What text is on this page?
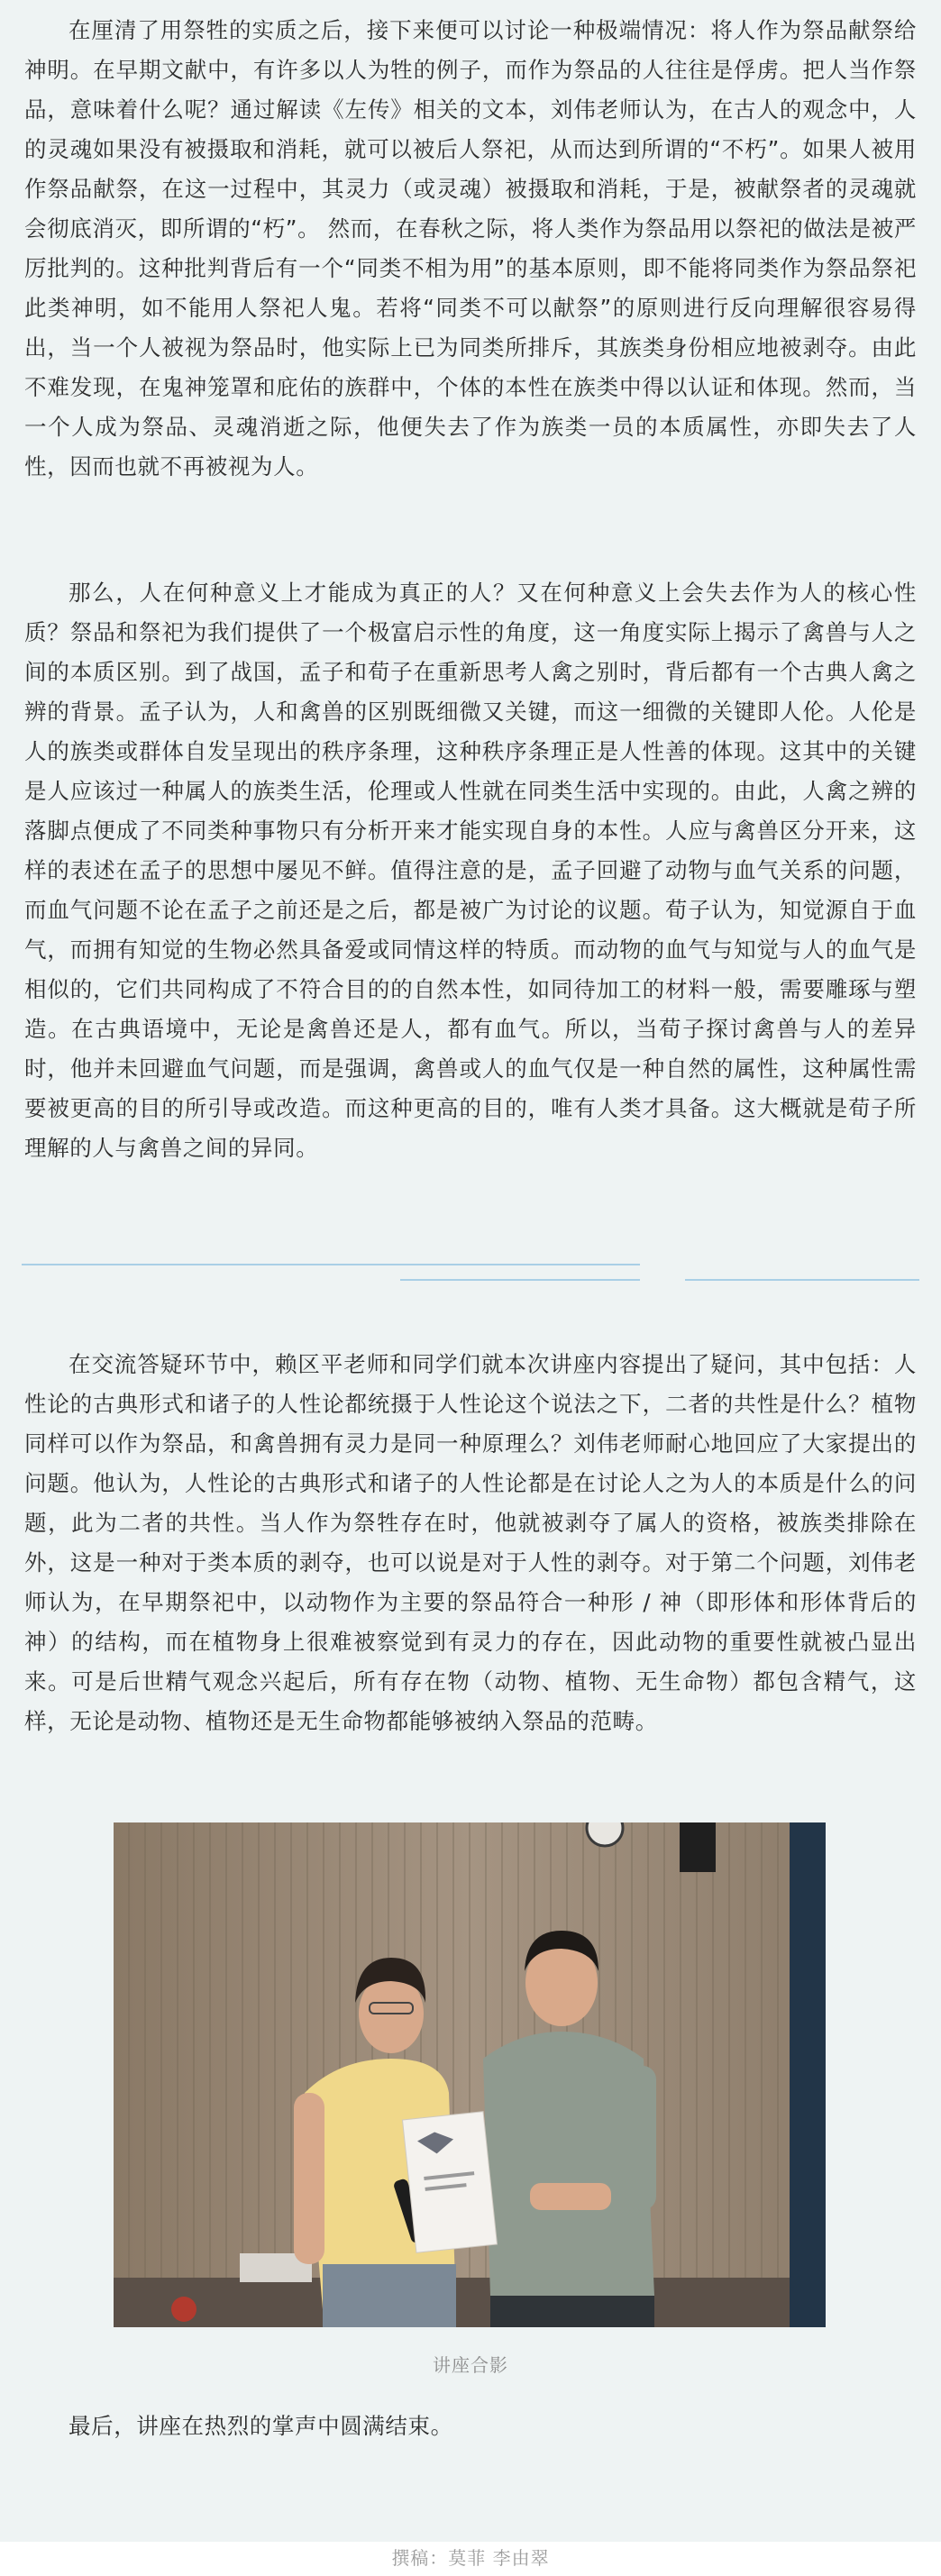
在厘清了用祭牲的实质之后，接下来便可以讨论一种极端情况：将人作为祭品献祭给神明。在早期文献中，有许多以人为牲的例子，而作为祭品的人往往是俘虏。把人当作祭品，意味着什么呢？通过解读《左传》相关的文本，刘伟老师认为，在古人的观念中，人的灵魂如果没有被摄取和消耗，就可以被后人祭祀，从而达到所谓的“不朽”。如果人被用作祭品献祭，在这一过程中，其灵力（或灵魂）被摄取和消耗，于是，被献祭者的灵魂就会彻底消灭，即所谓的“朽”。 然而，在春秋之际，将人类作为祭品用以祭祀的做法是被严厉批判的。这种批判背后有一个“同类不相为用”的基本原则，即不能将同类作为祭品祭祀此类神明，如不能用人祭祀人鬼。若将“同类不可以献祭”的原则进行反向理解很容易得出，当一个人被视为祭品时，他实际上已为同类所排斥，其族类身份相应地被剥夺。由此不难发现，在鬼神笼罩和庇佑的族群中，个体的本性在族类中得以认证和体现。然而，当一个人成为祭品、灵魂消逝之际，他便失去了作为族类一员的本质属性，亦即失去了人性，因而也就不再被视为人。

那么，人在何种意义上才能成为真正的人？又在何种意义上会失去作为人的核心性质？祭品和祭祀为我们提供了一个极富启示性的角度，这一角度实际上揭示了禽兽与人之间的本质区别。到了战国，孟子和荀子在重新思考人禽之别时，背后都有一个古典人禽之辨的背景。孟子认为，人和禽兽的区别既细微又关键，而这一细微的关键即人伦。人伦是人的族类或群体自发呈现出的秩序条理，这种秩序条理正是人性善的体现。这其中的关键是人应该过一种属人的族类生活，伦理或人性就在同类生活中实现的。由此，人禽之辨的落脚点便成了不同类种事物只有分析开来才能实现自身的本性。人应与禽兽区分开来，这样的表述在孟子的思想中屡见不鲜。值得注意的是，孟子回避了动物与血气关系的问题，而血气问题不论在孟子之前还是之后，都是被广为讨论的议题。荀子认为，知觉源自于血气，而拥有知觉的生物必然具备爱或同情这样的特质。而动物的血气与知觉与人的血气是相似的，它们共同构成了不符合目的的自然本性，如同待加工的材料一般，需要雕琢与塑造。在古典语境中，无论是禽兽还是人，都有血气。所以，当荀子探讨禽兽与人的差异时，他并未回避血气问题，而是强调，禽兽或人的血气仅是一种自然的属性，这种属性需要被更高的目的所引导或改造。而这种更高的目的，唯有人类才具备。这大概就是荀子所理解的人与禽兽之间的异同。

在交流答疑环节中，赖区平老师和同学们就本次讲座内容提出了疑问，其中包括：人性论的古典形式和诸子的人性论都统摄于人性论这个说法之下，二者的共性是什么？植物同样可以作为祭品，和禽兽拥有灵力是同一种原理么？刘伟老师耐心地回应了大家提出的问题。他认为，人性论的古典形式和诸子的人性论都是在讨论人之为人的本质是什么的问题，此为二者的共性。当人作为祭牲存在时，他就被剥夺了属人的资格，被族类排除在外，这是一种对于类本质的剥夺，也可以说是对于人性的剥夺。对于第二个问题，刘伟老师认为，在早期祭祀中，以动物作为主要的祭品符合一种形 / 神（即形体和形体背后的神）的结构，而在植物身上很难被察觉到有灵力的存在，因此动物的重要性就被凸显出来。可是后世精气观念兴起后，所有存在物（动物、植物、无生命物）都包含精气，这样，无论是动物、植物还是无生命物都能够被纳入祭品的范畴。

讲座合影

最后，讲座在热烈的掌声中圆满结束。

撰稿：莫菲 李由翠
